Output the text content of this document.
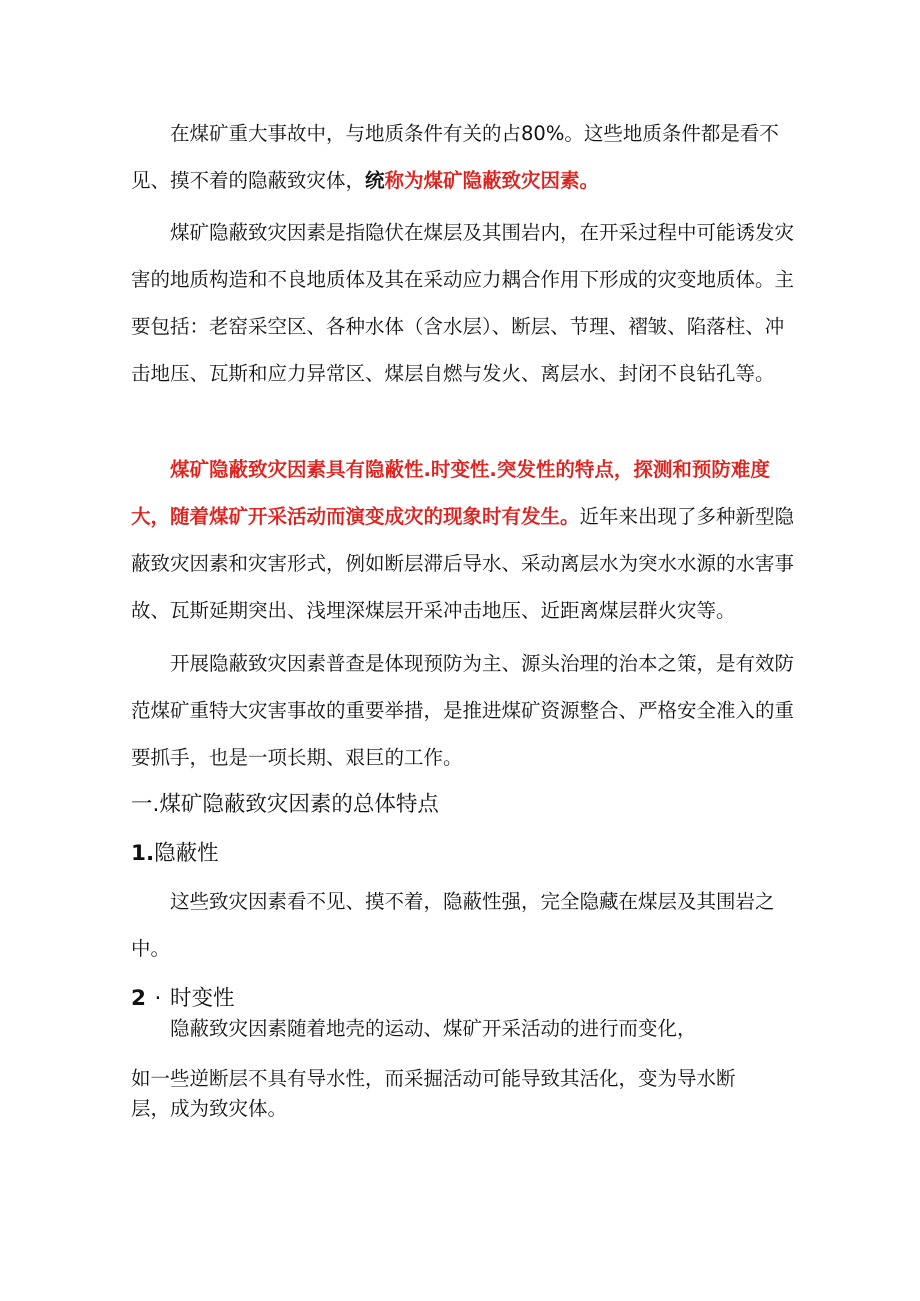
在煤矿重大事故中，与地质条件有关的占80%。这些地质条件都是看不见、摸不着的隐蔽致灾体，统称为煤矿隐蔽致灾因素。

煤矿隐蔽致灾因素是指隐伏在煤层及其围岩内，在开采过程中可能诱发灾害的地质构造和不良地质体及其在采动应力耦合作用下形成的灾变地质体。主要包括：老窑采空区、各种水体（含水层）、断层、节理、褶皱、陷落柱、冲击地压、瓦斯和应力异常区、煤层自燃与发火、离层水、封闭不良钻孔等。

煤矿隐蔽致灾因素具有隐蔽性.时变性.突发性的特点，探测和预防难度大，随着煤矿开采活动而演变成灾的现象时有发生。近年来出现了多种新型隐蔽致灾因素和灾害形式，例如断层滞后导水、采动离层水为突水水源的水害事故、瓦斯延期突出、浅埋深煤层开采冲击地压、近距离煤层群火灾等。

开展隐蔽致灾因素普查是体现预防为主、源头治理的治本之策，是有效防范煤矿重特大灾害事故的重要举措，是推进煤矿资源整合、严格安全准入的重要抓手，也是一项长期、艰巨的工作。

一.煤矿隐蔽致灾因素的总体特点
1.隐蔽性

这些致灾因素看不见、摸不着，隐蔽性强，完全隐藏在煤层及其围岩之中。

2 · 时变性

隐蔽致灾因素随着地壳的运动、煤矿开采活动的进行而变化，

如一些逆断层不具有导水性，而采掘活动可能导致其活化，变为导水断层，成为致灾体。
